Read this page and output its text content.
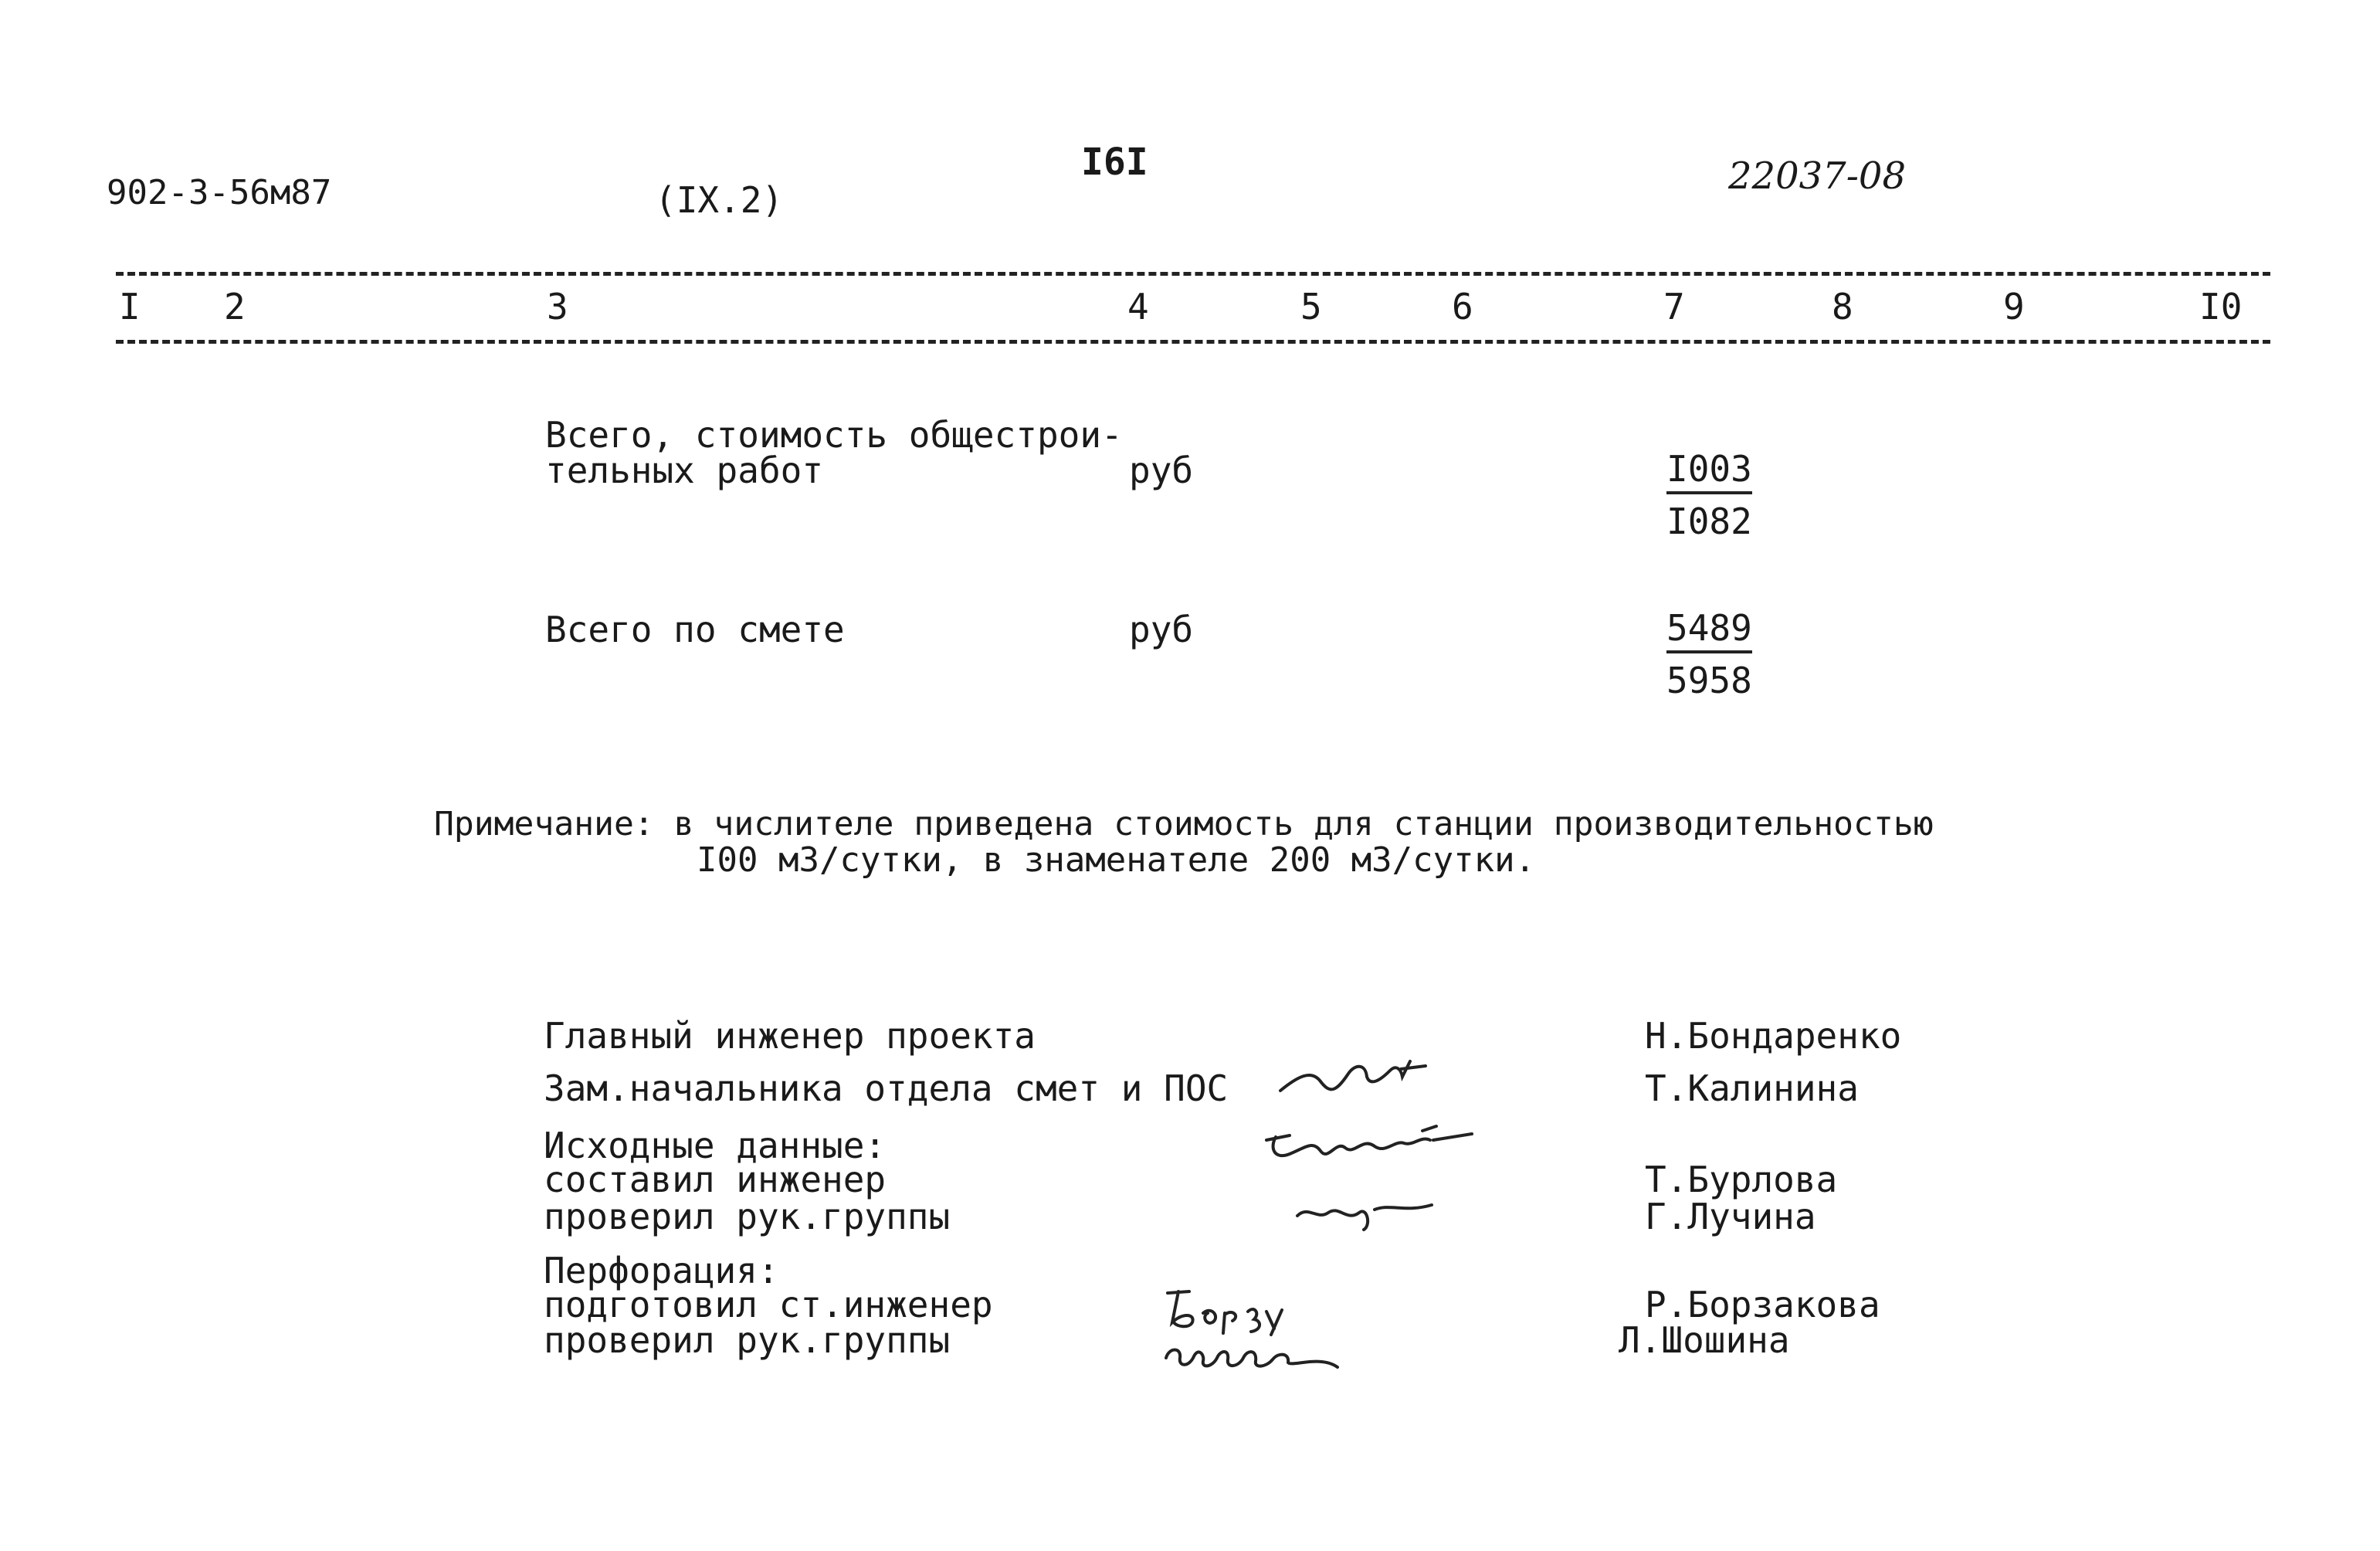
902-3-56м87	(IX.2)
I6I	22037-08
I 2	3	4	5	6	7	8	9	I0
Всего, стоимость общестрои-
тельных работ	руб	I003
I082
Всего по смете	руб	5489
5958
Примечание: в числителе приведена стоимость для станции производительностью
I00 м3/сутки, в знаменателе 200 м3/сутки.
Главный инженер проекта	Н.Бондаренко
Зам.начальника отдела смет и ПОС	Т.Калинина
Исходные данные:
составил инженер	Т.Бурлова
проверил рук.группы	Г.Лучина
Перфорация:
подготовил ст.инженер	Р.Борзакова
проверил рук.группы	Л.Шошина
